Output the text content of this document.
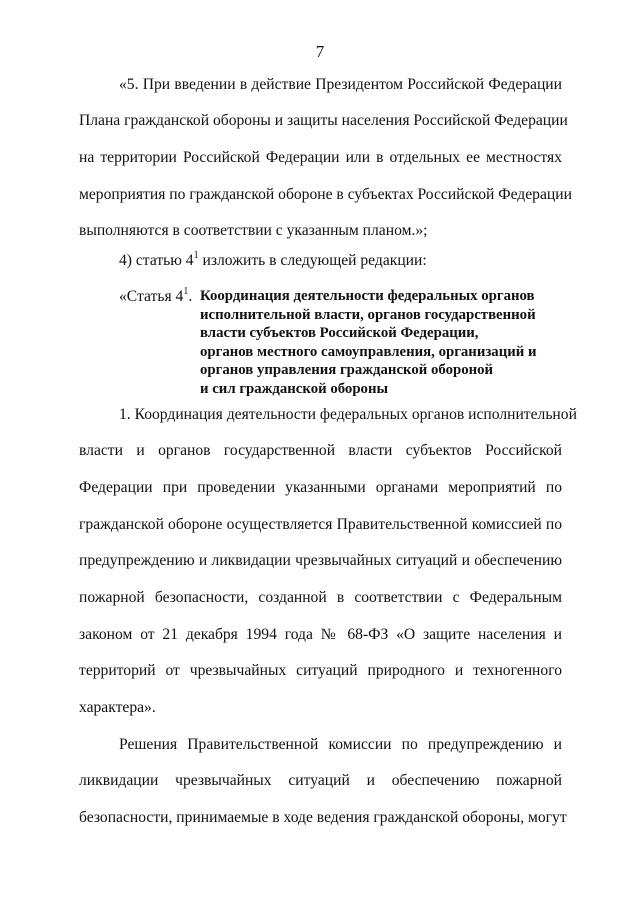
7
«5. При введении в действие Президентом Российской Федерации
Плана гражданской обороны и защиты населения Российской Федерации
на территории Российской Федерации или в отдельных ее местностях
мероприятия по гражданской обороне в субъектах Российской Федерации
выполняются в соответствии с указанным планом.»;
4) статью $4^1$ изложить в следующей редакции:
«Статья $4^1$. Координация деятельности федеральных органов
исполнительной власти, органов государственной
власти субъектов Российской Федерации,
органов местного самоуправления, организаций и
органов управления гражданской обороной
и сил гражданской обороны
1. Координация деятельности федеральных органов исполнительной
власти и органов государственной власти субъектов Российской
Федерации при проведении указанными органами мероприятий по
гражданской обороне осуществляется Правительственной комиссией по
предупреждению и ликвидации чрезвычайных ситуаций и обеспечению
пожарной безопасности, созданной в соответствии с Федеральным
законом от 21 декабря 1994 года № 68-ФЗ «О защите населения и
территорий от чрезвычайных ситуаций природного и техногенного
характера».
Решения Правительственной комиссии по предупреждению и
ликвидации чрезвычайных ситуаций и обеспечению пожарной
безопасности, принимаемые в ходе ведения гражданской обороны, могут
